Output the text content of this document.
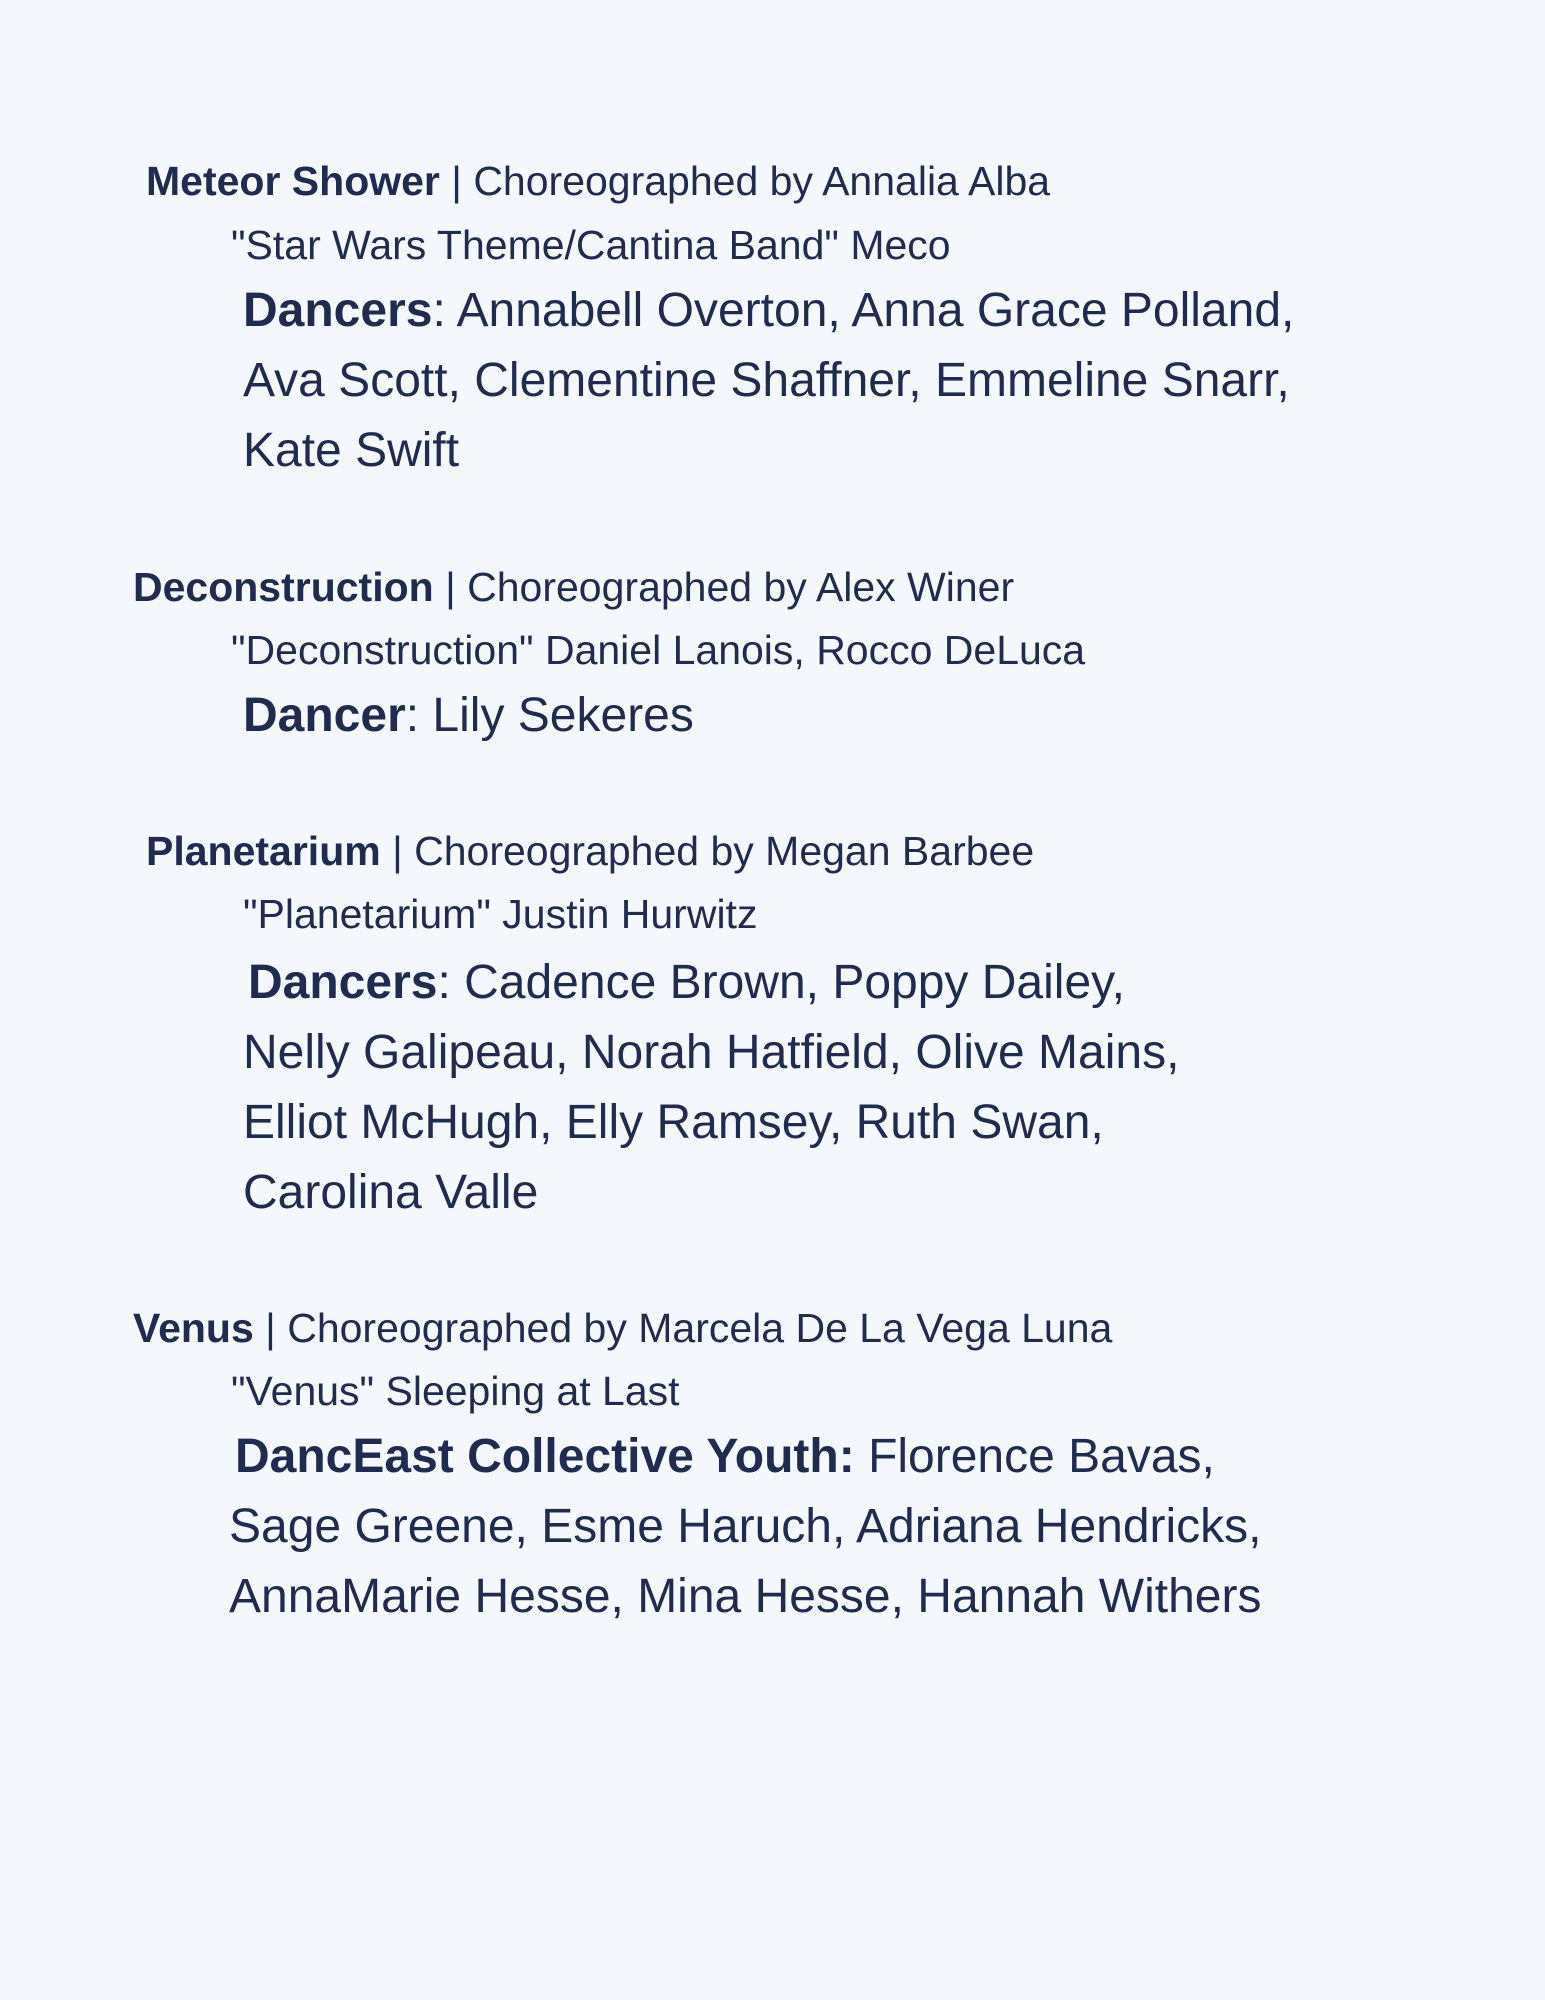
Meteor Shower | Choreographed by Annalia Alba
"Star Wars Theme/Cantina Band" Meco
Dancers: Annabell Overton, Anna Grace Polland,
Ava Scott, Clementine Shaffner, Emmeline Snarr,
Kate Swift
Deconstruction | Choreographed by Alex Winer
"Deconstruction" Daniel Lanois, Rocco DeLuca
Dancer: Lily Sekeres
Planetarium | Choreographed by Megan Barbee
"Planetarium" Justin Hurwitz
Dancers: Cadence Brown, Poppy Dailey,
Nelly Galipeau, Norah Hatfield, Olive Mains,
Elliot McHugh, Elly Ramsey, Ruth Swan,
Carolina Valle
Venus | Choreographed by Marcela De La Vega Luna
"Venus" Sleeping at Last
DancEast Collective Youth: Florence Bavas,
Sage Greene, Esme Haruch, Adriana Hendricks,
AnnaMarie Hesse, Mina Hesse, Hannah Withers
